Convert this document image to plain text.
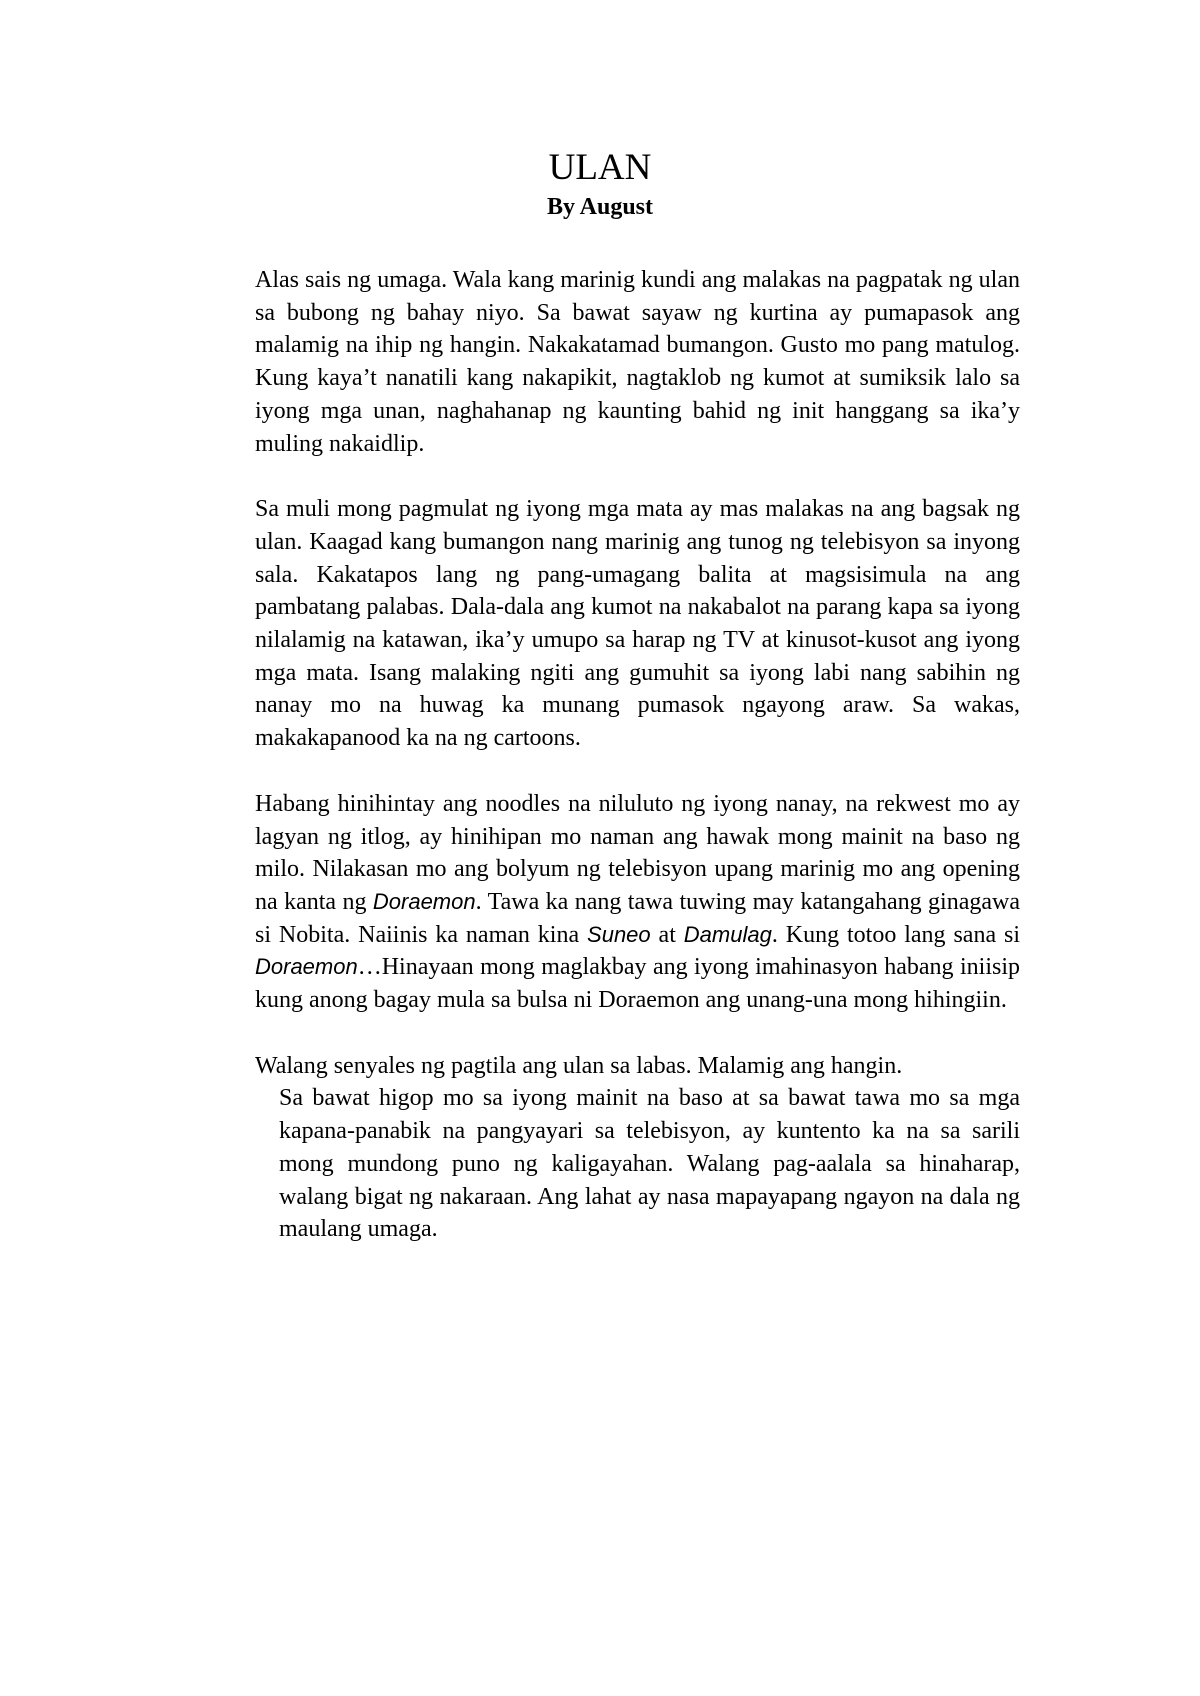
ULAN
By August

Alas sais ng umaga. Wala kang marinig kundi ang malakas na pagpatak ng ulan sa bubong ng bahay niyo. Sa bawat sayaw ng kurtina ay pumapasok ang malamig na ihip ng hangin. Nakakatamad bumangon. Gusto mo pang matulog. Kung kaya’t nanatili kang nakapikit, nagtaklob ng kumot at sumiksik lalo sa iyong mga unan, naghahanap ng kaunting bahid ng init hanggang sa ika’y muling nakaidlip.

Sa muli mong pagmulat ng iyong mga mata ay mas malakas na ang bagsak ng ulan. Kaagad kang bumangon nang marinig ang tunog ng telebisyon sa inyong sala. Kakatapos lang ng pang-umagang balita at magsisimula na ang pambatang palabas. Dala-dala ang kumot na nakabalot na parang kapa sa iyong nilalamig na katawan, ika’y umupo sa harap ng TV at kinusot-kusot ang iyong mga mata. Isang malaking ngiti ang gumuhit sa iyong labi nang sabihin ng nanay mo na huwag ka munang pumasok ngayong araw. Sa wakas, makakapanood ka na ng cartoons.

Habang hinihintay ang noodles na niluluto ng iyong nanay, na rekwest mo ay lagyan ng itlog, ay hinihipan mo naman ang hawak mong mainit na baso ng milo. Nilakasan mo ang bolyum ng telebisyon upang marinig mo ang opening na kanta ng Doraemon. Tawa ka nang tawa tuwing may katangahang ginagawa si Nobita. Naiinis ka naman kina Suneo at Damulag. Kung totoo lang sana si Doraemon…Hinayaan mong maglakbay ang iyong imahinasyon habang iniisip kung anong bagay mula sa bulsa ni Doraemon ang unang-una mong hihingiin.

Walang senyales ng pagtila ang ulan sa labas. Malamig ang hangin.
Sa bawat higop mo sa iyong mainit na baso at sa bawat tawa mo sa mga kapana-panabik na pangyayari sa telebisyon, ay kuntento ka na sa sarili mong mundong puno ng kaligayahan. Walang pag-aalala sa hinaharap, walang bigat ng nakaraan. Ang lahat ay nasa mapayapang ngayon na dala ng maulang umaga.
